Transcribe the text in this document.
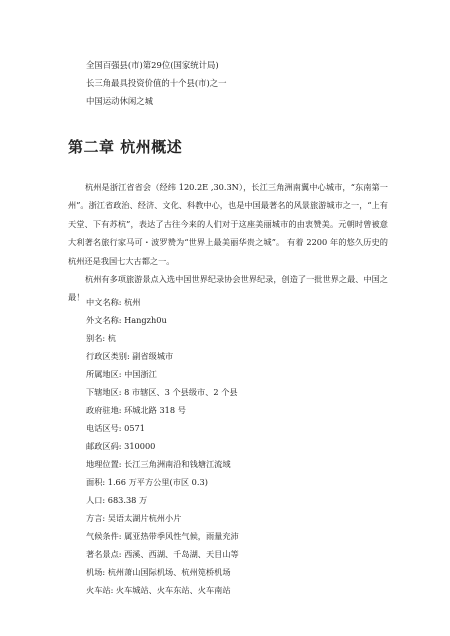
全国百强县(市)第29位(国家统计局)
长三角最具投资价值的十个县(市)之一
中国运动休闲之城
第二章 杭州概述

杭州是浙江省省会（经纬 120.2E ,30.3N），长江三角洲南翼中心城市，“东南第一州”。浙江省政治、经济、文化、科教中心，也是中国最著名的风景旅游城市之一，“上有天堂、下有苏杭”，表达了古往今来的人们对于这座美丽城市的由衷赞美。元朝时曾被意大利著名旅行家马可・波罗赞为“世界上最美丽华贵之城”。 有着 2200 年的悠久历史的杭州还是我国七大古都之一。

杭州有多项旅游景点入选中国世界纪录协会世界纪录，创造了一批世界之最、中国之最！ 中文名称: 杭州
外文名称: Hangzh0u
别名: 杭
行政区类别: 副省级城市
所属地区: 中国浙江
下辖地区: 8 市辖区、3 个县级市、2 个县
政府驻地: 环城北路 318 号
电话区号: 0571
邮政区码: 310000
地理位置: 长江三角洲南沿和钱塘江流域
面积: 1.66 万平方公里(市区 0.3)
人口: 683.38 万
方言: 吴语太湖片杭州小片
气候条件: 属亚热带季风性气候，雨量充沛
著名景点: 西溪、西湖、千岛湖、天目山等
机场: 杭州萧山国际机场、杭州笕桥机场
火车站: 火车城站、火车东站、火车南站
